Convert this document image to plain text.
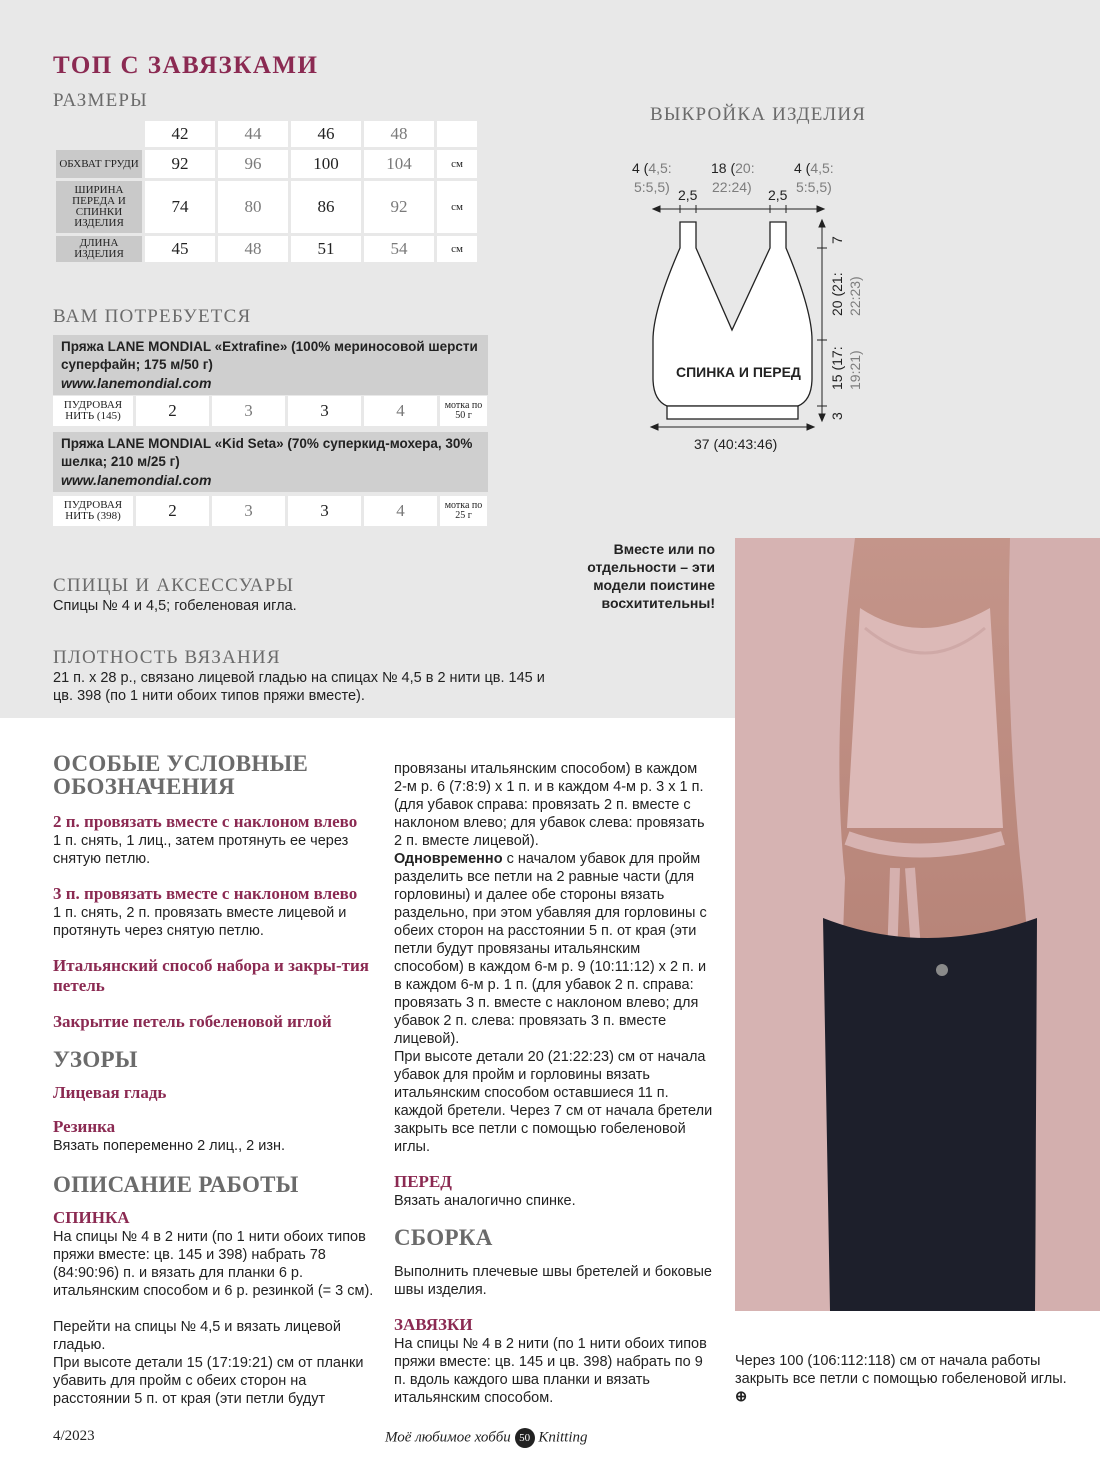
ТОП С ЗАВЯЗКАМИ
РАЗМЕРЫ
	42	44	46	48	
ОБХВАТ ГРУДИ	92	96	100	104	см
ШИРИНА ПЕРЕДА И СПИНКИ ИЗДЕЛИЯ	74	80	86	92	см
ДЛИНА ИЗДЕЛИЯ	45	48	51	54	см
ВАМ ПОТРЕБУЕТСЯ
Пряжа LANE MONDIAL «Extrafine» (100% мериносовой шерсти суперфайн; 175 м/50 г)
www.lanemondial.com
ПУДРОВАЯ НИТЬ (145)	2	3	3	4	мотка по 50 г
Пряжа LANE MONDIAL «Kid Seta» (70% суперкид-мохера, 30% шелка; 210 м/25 г)
www.lanemondial.com
ПУДРОВАЯ НИТЬ (398)	2	3	3	4	мотка по 25 г
СПИЦЫ И АКСЕССУАРЫ
Спицы № 4 и 4,5; гобеленовая игла.
ПЛОТНОСТЬ ВЯЗАНИЯ
21 п. х 28 р., связано лицевой гладью на спицах № 4,5 в 2 нити цв. 145 и цв. 398 (по 1 нити обоих типов пряжи вместе).
ВЫКРОЙКА ИЗДЕЛИЯ
4 (4,5:
5:5,5) 2,5
18 (20:
22:24) 2,5
4 (4,5:
5:5,5)
СПИНКА И ПЕРЕД
7
20 (21: 22:23)
15 (17: 19:21)
3
37 (40:43:46)
Вместе или по отдельности – эти модели поистине восхитительны!
ОСОБЫЕ УСЛОВНЫЕ ОБОЗНАЧЕНИЯ
2 п. провязать вместе с наклоном влево
1 п. снять, 1 лиц., затем протянуть ее через снятую петлю.
3 п. провязать вместе с наклоном влево
1 п. снять, 2 п. провязать вместе лицевой и протянуть через снятую петлю.
Итальянский способ набора и закры-тия петель
Закрытие петель гобеленовой иглой
УЗОРЫ
Лицевая гладь
Резинка
Вязать попеременно 2 лиц., 2 изн.
ОПИСАНИЕ РАБОТЫ
СПИНКА
На спицы № 4 в 2 нити (по 1 нити обоих типов пряжи вместе: цв. 145 и 398) набрать 78 (84:90:96) п. и вязать для планки 6 р. итальянским способом и 6 р. резинкой (= 3 см).
Перейти на спицы № 4,5 и вязать лицевой гладью.
При высоте детали 15 (17:19:21) см от планки убавить для пройм с обеих сторон на расстоянии 5 п. от края (эти петли будут
провязаны итальянским способом) в каждом 2-м р. 6 (7:8:9) х 1 п. и в каждом 4-м р. 3 х 1 п. (для убавок справа: провязать 2 п. вместе с наклоном влево; для убавок слева: провязать 2 п. вместе лицевой).
Одновременно с началом убавок для пройм разделить все петли на 2 равные части (для горловины) и далее обе стороны вязать раздельно, при этом убавляя для горловины с обеих сторон на расстоянии 5 п. от края (эти петли будут провязаны итальянским способом) в каждом 6-м р. 9 (10:11:12) х 2 п. и в каждом 6-м р. 1 п. (для убавок 2 п. справа: провязать 3 п. вместе с наклоном влево; для убавок 2 п. слева: провязать 3 п. вместе лицевой).
При высоте детали 20 (21:22:23) см от начала убавок для пройм и горловины вязать итальянским способом оставшиеся 11 п. каждой бретели. Через 7 см от начала бретели закрыть все петли с помощью гобеленовой иглы.
ПЕРЕД
Вязать аналогично спинке.
СБОРКА
Выполнить плечевые швы бретелей и боковые швы изделия.
ЗАВЯЗКИ
На спицы № 4 в 2 нити (по 1 нити обоих типов пряжи вместе: цв. 145 и цв. 398) набрать по 9 п. вдоль каждого шва планки и вязать итальянским способом.
Через 100 (106:112:118) см от начала работы закрыть все петли с помощью гобеленовой иглы. ⊕
4/2023	Моё любимое хобби 50 Knitting
